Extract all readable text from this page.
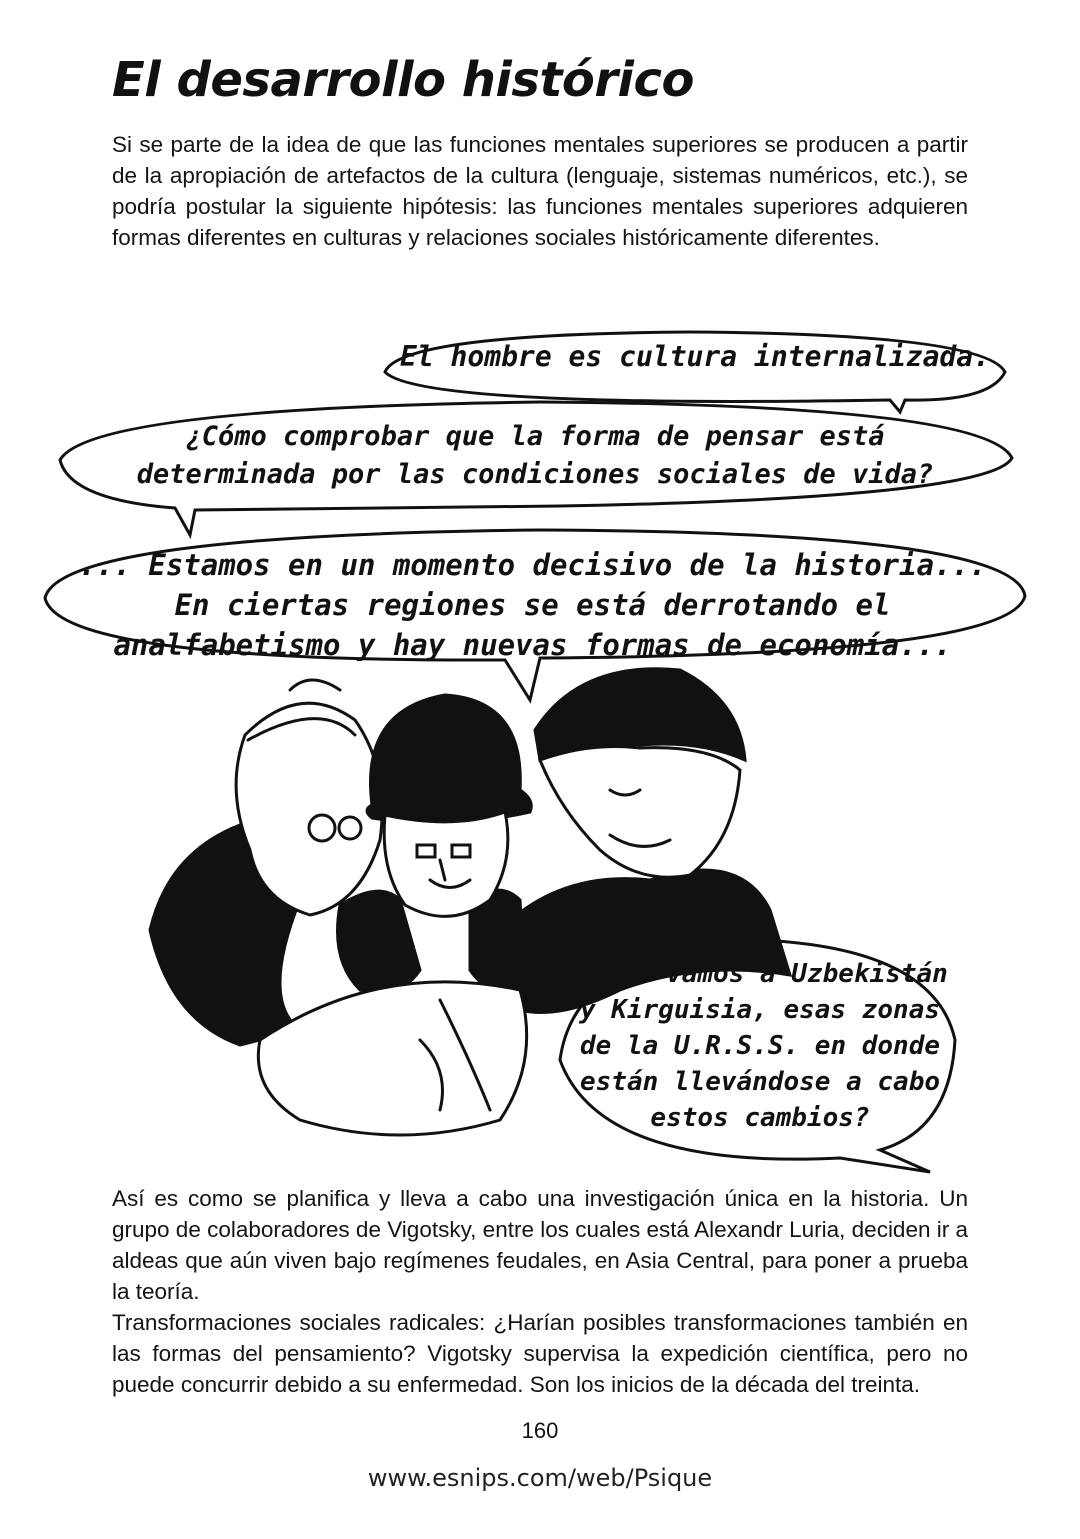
El desarrollo histórico

Si se parte de la idea de que las funciones mentales superiores se producen a partir de la apropiación de artefactos de la cultura (lenguaje, sistemas numéricos, etc.), se podría postular la siguiente hipótesis: las funciones mentales superiores adquieren formas diferentes en culturas y relaciones sociales históricamente diferentes.

El hombre es cultura internalizada.
¿Cómo comprobar que la forma de pensar está determinada por las condiciones sociales de vida?
... Estamos en un momento decisivo de la historia... En ciertas regiones se está derrotando el analfabetismo y hay nuevas formas de economía...
¿Y si vamos a Uzbekistán y Kirguisia, esas zonas de la U.R.S.S. en donde están llevándose a cabo estos cambios?

Así es como se planifica y lleva a cabo una investigación única en la historia. Un grupo de colaboradores de Vigotsky, entre los cuales está Alexandr Luria, deciden ir a aldeas que aún viven bajo regímenes feudales, en Asia Central, para poner a prueba la teoría.

Transformaciones sociales radicales: ¿Harían posibles transformaciones también en las formas del pensamiento? Vigotsky supervisa la expedición científica, pero no puede concurrir debido a su enfermedad. Son los inicios de la década del treinta.

160
www.esnips.com/web/Psique
